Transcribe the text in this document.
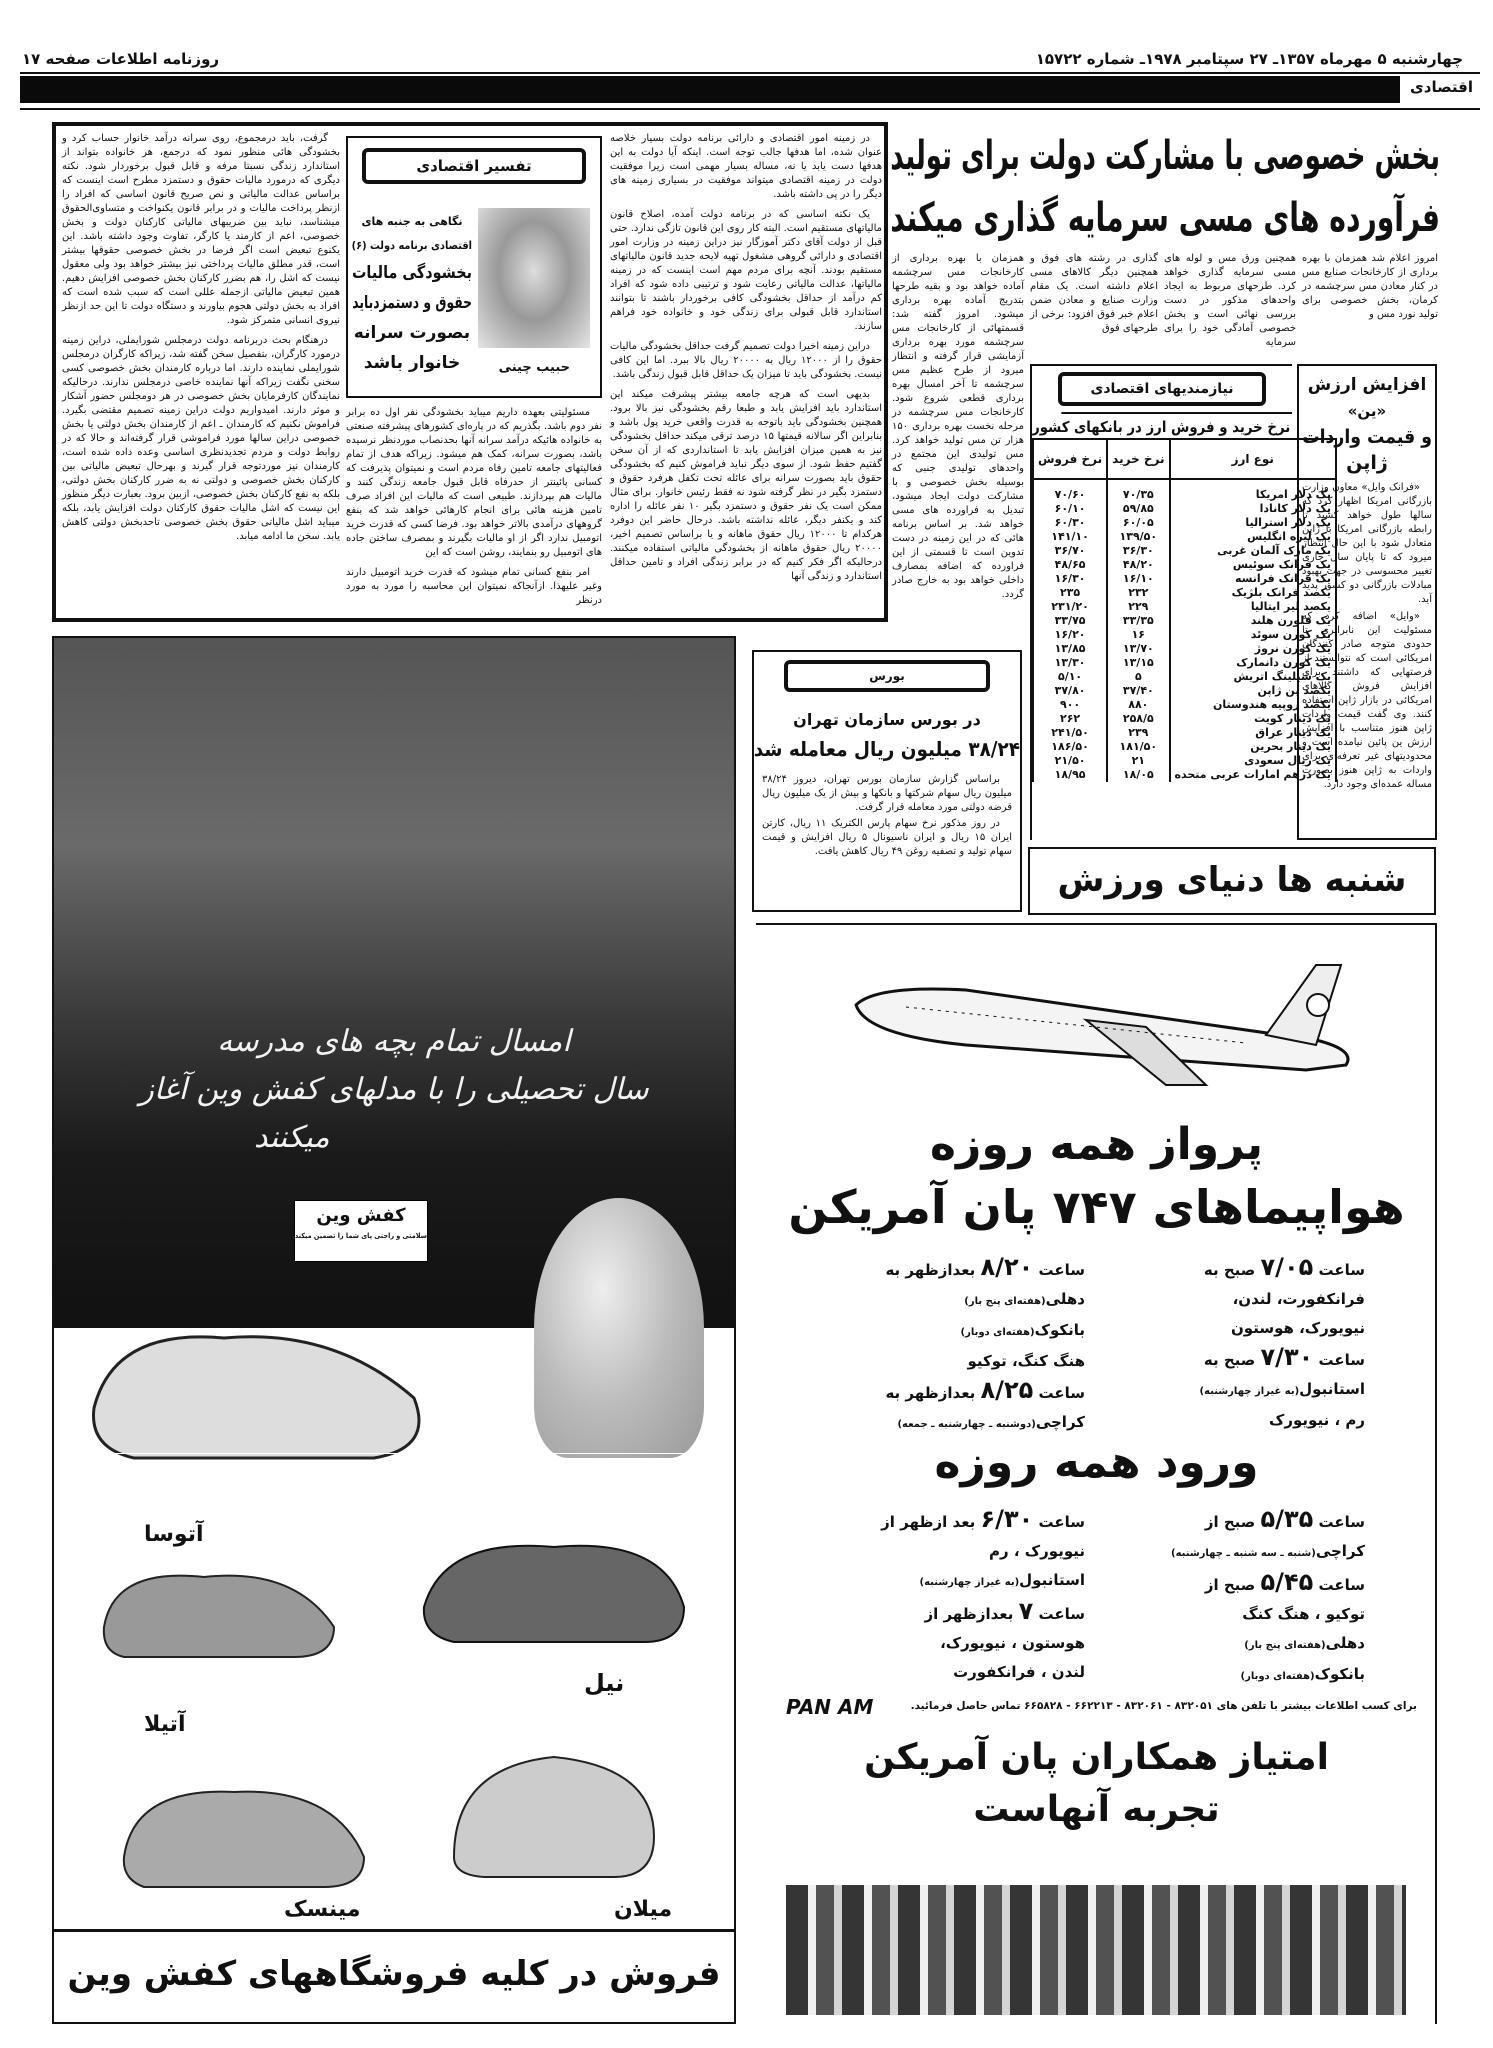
چهارشنبه ۵ مهرماه ۱۳۵۷ـ ۲۷ سپتامبر ۱۹۷۸ـ شماره ۱۵۷۲۲
روزنامه اطلاعات صفحه ۱۷
اقتصادی

گرفت، باید درمجموع، روی سرانه درآمد خانوار حساب کرد و بخشودگی هائی منظور نمود که درجمع، هر خانواده بتواند از استاندارد زندگی نسبتا مرفه و قابل قبول برخوردار شود. نکته دیگری که درمورد مالیات حقوق و دستمزد مطرح است اینست که براساس عدالت مالیاتی و نص صریح قانون اساسی که افراد را ازنظر پرداخت مالیات و در برابر قانون یکنواخت و متساوی‌الحقوق میشناسد، نباید بین ضریبهای مالیاتی کارکنان دولت و بخش خصوصی، اعم از کارمند یا کارگر، تفاوت وجود داشته باشد. این یکنوع تبعیض است اگر فرضا در بخش خصوصی حقوقها بیشتر است، قدر مطلق مالیات پرداختی نیز بیشتر خواهد بود ولی معقول نیست که اشل را، هم بضرر کارکنان بخش خصوصی افزایش دهیم. همین تبعیض مالیاتی ازجمله عللی است که سبب شده است که افراد به بخش دولتی هجوم بیاورند و دستگاه دولت تا این حد ازنظر نیروی انسانی متمرکز شود.

درهنگام بحث دربرنامه دولت درمجلس شورایملی، دراین زمینه درمورد کارگران، بتفصیل سخن گفته شد، زیراکه کارگران درمجلس شورایملی نماینده دارند. اما درباره کارمندان بخش خصوصی کسی سخنی نگفت زیراکه آنها نماینده خاصی درمجلس ندارند. درحالیکه نمایندگان کارفرمایان بخش خصوصی در هر دومجلس حضور آشکار و موثر دارند. امیدواریم دولت دراین زمینه تصمیم مقتضی بگیرد. فراموش نکنیم که کارمندان ـ اعم از کارمندان بخش دولتی یا بخش خصوصی دراین سالها مورد فراموشی قرار گرفته‌اند و حالا که در روابط دولت و مردم تجدیدنظری اساسی وعده داده شده است، کارمندان نیز موردتوجه قرار گیرند و بهرحال تبعیض مالیاتی بین کارکنان بخش خصوصی و دولتی نه به ضرر کارکنان بخش دولتی، بلکه به نفع کارکنان بخش خصوصی، ازبین برود. بعبارت دیگر منظور این نیست که اشل مالیات حقوق کارکنان دولت افزایش یابد، بلکه میباید اشل مالیاتی حقوق بخش خصوصی تاحدبخش دولتی کاهش یابد. سخن ما ادامه میابد.

تفسیر اقتصادی
حبیب چینی
نگاهی به جنبه های
اقتصادی برنامه دولت (۶)
بخشودگی مالیات
حقوق و دستمزدباید
بصورت سرانه
خانوار باشد

مسئولیتی بعهده داریم میباید بخشودگی نفر اول ده برابر نفر دوم باشد. بگذریم که در پاره‌ای کشورهای پیشرفته صنعتی به خانواده هائیکه درآمد سرانه آنها بحدنصاب موردنظر نرسیده باشد، بصورت سرانه، کمک هم میشود. زیراکه هدف از تمام فعالیتهای جامعه تامین رفاه مردم است و نمیتوان پذیرفت که کسانی پائینتر از حدرفاه قابل قبول جامعه زندگی کنند و مالیات هم بپردازند. طبیعی است که مالیات این افراد صرف تامین هزینه هائی برای انجام کارهائی خواهد شد که بنفع گروههای درآمدی بالاتر خواهد بود. فرضا کسی که قدرت خرید اتومبیل ندارد اگر از او مالیات بگیرند و بمصرف ساختن جاده های اتومبیل رو بنمایند، روشن است که این

امر بنفع کسانی تمام میشود که قدرت خرید اتومبیل دارند وغیر علیهذا. ازآنجاکه نمیتوان این محاسبه را مورد به مورد درنظر

در زمینه امور اقتصادی و دارائی برنامه دولت بسیار خلاصه عنوان شده، اما هدفها جالب توجه است. اینکه آیا دولت به این هدفها دست یابد یا نه، مساله بسیار مهمی است زیرا موفقیت دولت در زمینه اقتصادی میتواند موفقیت در بسیاری زمینه های دیگر را در پی داشته باشد.

یک نکته اساسی که در برنامه دولت آمده، اصلاح قانون مالیاتهای مستقیم است. البته کار روی این قانون تازگی ندارد. حتی قبل از دولت آقای دکتر آموزگار نیز دراین زمینه در وزارت امور اقتصادی و دارائی گروهی مشغول تهیه لایحه جدید قانون مالیاتهای مستقیم بودند. آنچه برای مردم مهم است اینست که در زمینه مالیاتها، عدالت مالیاتی رعایت شود و ترتیبی داده شود که افراد کم درآمد از حداقل بخشودگی کافی برخوردار باشند تا بتوانند استاندارد قابل قبولی برای زندگی خود و خانواده خود فراهم سازند.

دراین زمینه اخیرا دولت تصمیم گرفت حداقل بخشودگی مالیات حقوق را از ۱۲۰۰۰ ریال به ۲۰۰۰۰ ریال بالا ببرد. اما این کافی نیست. بخشودگی باید تا میزان یک حداقل قابل قبول زندگی باشد.

بدیهی است که هرچه جامعه بیشتر پیشرفت میکند این استاندارد باید افزایش یابد و طبعا رقم بخشودگی نیز بالا برود. همچنین بخشودگی باید باتوجه به قدرت واقعی خرید پول باشد و بنابراین اگر سالانه قیمتها ۱۵ درصد ترقی میکند حداقل بخشودگی نیز به همین میزان افزایش یابد تا استانداردی که از آن سخن گفتیم حفظ شود. از سوی دیگر نباید فراموش کنیم که بخشودگی حقوق باید بصورت سرانه برای عائله تحت تکفل هرفرد حقوق و دستمزد بگیر در نظر گرفته شود نه فقط رئیس خانوار. برای مثال ممکن است یک نفر حقوق و دستمزد بگیر ۱۰ نفر عائله را اداره کند و یکنفر دیگر، عائله نداشته باشد. درحال حاضر این دوفرد هرکدام تا ۱۲۰۰۰ ریال حقوق ماهانه و یا براساس تصمیم اخیر، ۲۰۰۰۰ ریال حقوق ماهانه از بخشودگی مالیاتی استفاده میکنند. درحالیکه اگر فکر کنیم که در برابر زندگی افراد و تامین حداقل استاندارد و زندگی آنها

بخش خصوصی با مشارکت دولت برای تولید
فرآورده های مسی سرمایه گذاری میکند
امروز اعلام شد همزمان با بهره برداری از کارخانجات صنایع مس در کنار معادن مس سرچشمه در کرمان، بخش خصوصی برای تولید نورد مس و
همچنین ورق مس و لوله های مسی سرمایه گذاری خواهد کرد. طرحهای مربوط به ایجاد واحدهای مذکور در دست بررسی نهائی است و بخش خصوصی آمادگی خود را برای سرمایه
گذاری در رشته های فوق و همچنین دیگر کالاهای مسی اعلام داشته است. یک مقام وزارت صنایع و معادن ضمن اعلام خبر فوق افزود: برخی از طرحهای فوق
همزمان با بهره برداری از کارخانجات مس سرچشمه آماده خواهد بود و بقیه طرحها بتدریج آماده بهره برداری میشود. امروز گفته شد: قسمتهائی از کارخانجات مس سرچشمه مورد بهره برداری آزمایشی قرار گرفته و انتظار میرود از طرح عظیم مس سرچشمه تا آخر امسال بهره برداری قطعی شروع شود. کارخانجات مس سرچشمه در مرحله نخست بهره برداری ۱۵۰ هزار تن مس تولید خواهد کرد. مس تولیدی این مجتمع در واحدهای تولیدی جنبی که بوسیله بخش خصوصی و با مشارکت دولت ایجاد میشود، تبدیل به فراورده های مسی خواهد شد. بر اساس برنامه هائی که در این زمینه در دست تدوین است تا قسمتی از این فراورده که اضافه بمصارف داخلی خواهد بود به خارج صادر گردد.
نیازمندیهای اقتصادی
نرخ خرید و فروش ارز در بانکهای کشور
نوع ارز	نرخ خرید	نرخ فروش
یک دلار امریکا	۷۰/۳۵	۷۰/۶۰
یک دلار کانادا	۵۹/۸۵	۶۰/۱۰
یک دلار استرالیا	۶۰/۰۵	۶۰/۳۰
یک لیره انگلیس	۱۳۹/۵۰	۱۴۱/۱۰
یک مارک آلمان غربی	۳۶/۳۰	۳۶/۷۰
یک فرانک سوئیس	۴۸/۲۰	۴۸/۶۵
یک فرانک فرانسه	۱۶/۱۰	۱۶/۳۰
یکصد فرانک بلژیک	۲۳۲	۲۳۵
یکصد لیر ایتالیا	۲۲۹	۲۳۱/۲۰
یک فلورن هلند	۳۳/۳۵	۳۳/۷۵
یک کورن سوئد	۱۶	۱۶/۲۰
یک کورن نروژ	۱۳/۷۰	۱۳/۸۵
یک کورن دانمارک	۱۳/۱۵	۱۳/۳۰
یک شیلینگ اتریش	۵	۵/۱۰
یکصد ین ژاپن	۳۷/۴۰	۳۷/۸۰
یکصد روپیه هندوستان	۸۸۰	۹۰۰
یک دینار کویت	۲۵۸/۵	۲۶۲
یک دینار عراق	۲۳۹	۲۴۱/۵۰
یک دینار بحرین	۱۸۱/۵۰	۱۸۶/۵۰
یک ریال سعودی	۲۱	۲۱/۵۰
یک درهم امارات عربی متحده	۱۸/۰۵	۱۸/۹۵
افزایش ارزش
«ین»
و قیمت واردات
ژاپن

«فرانک وایل» معاون وزارت بازرگانی امریکا اظهار کرد که سالها طول خواهد کشید تا رابطه بازرگانی امریکا با ژاپن متعادل شود با این حال انتظار میرود که تا پایان سال جاری تغییر محسوسی در جهت بهبود مبادلات بازرگانی دو کشور پدید آید.

«وایل» اضافه کرد که مسئولیت این نابرابری تا حدودی متوجه صادر کنندگان امریکائی است که نتوانستند از فرصتهایی که داشتند برای افزایش فروش کالاهای امریکائی در بازار ژاپن استفاده کنند. وی گفت قیمت واردات ژاپن هنوز متناسب با افزایش ارزش ین پائین نیامده است و محدودیتهای غیر تعرفه‌ای برای واردات به ژاپن هنوز بصورت مساله عمده‌ای وجود دارد.

بورس
در بورس سازمان تهران
۳۸/۲۴ میلیون ریال معامله شد

براساس گزارش سازمان بورس تهران، دیروز ۳۸/۲۴ میلیون ریال سهام شرکتها و بانکها و بیش از یک میلیون ریال قرضه دولتی مورد معامله قرار گرفت.

در روز مذکور نرخ سهام پارس الکتریک ۱۱ ریال، کارتن ایران ۱۵ ریال و ایران ناسیونال ۵ ریال افزایش و قیمت سهام تولید و تصفیه روغن ۴۹ ریال کاهش یافت.

شنبه ها دنیای ورزش
امسال تمام بچه های مدرسه
سال تحصیلی را با مدلهای کفش وین آغاز
میکنند
کفش وین
سلامتی و راحتی پای شما را تضمین میکند
آتوسا
نیل
آتیلا
مینسک	میلان
فروش در کلیه فروشگاههای کفش وین
پرواز همه روزه
هواپیماهای ۷۴۷ پان آمریکن
ساعت ۷/۰۵ صبح به
فرانکفورت، لندن،
نیویورک، هوستون
ساعت ۷/۳۰ صبح به
استانبول(به غیراز چهارشنبه)
رم ، نیویورک
ساعت ۸/۲۰ بعدازظهر به
دهلی(هفته‌ای پنج بار)
بانکوک(هفته‌ای دوبار)
هنگ کنگ، توکیو
ساعت ۸/۲۵ بعدازظهر به
کراچی(دوشنبه ـ چهارشنبه ـ جمعه)
ورود همه روزه
ساعت ۵/۳۵ صبح از
کراچی(شنبه ـ سه شنبه ـ چهارشنبه)
ساعت ۵/۴۵ صبح از
توکیو ، هنگ کنگ
دهلی(هفته‌ای پنج بار)
بانکوک(هفته‌ای دوبار)
ساعت ۶/۳۰ بعد ازظهر از
نیویورک ، رم
استانبول(به غیراز چهارشنبه)
ساعت ۷ بعدازظهر از
هوستون ، نیویورک،
لندن ، فرانکفورت
برای کسب اطلاعات بیشتر با تلفن های ۸۳۲۰۵۱ - ۸۳۲۰۶۱ - ۶۶۲۲۱۳ - ۶۶۵۸۲۸ تماس حاصل فرمائید.
PAN AM
امتیاز همکاران پان آمریکن
تجربه آنهاست
